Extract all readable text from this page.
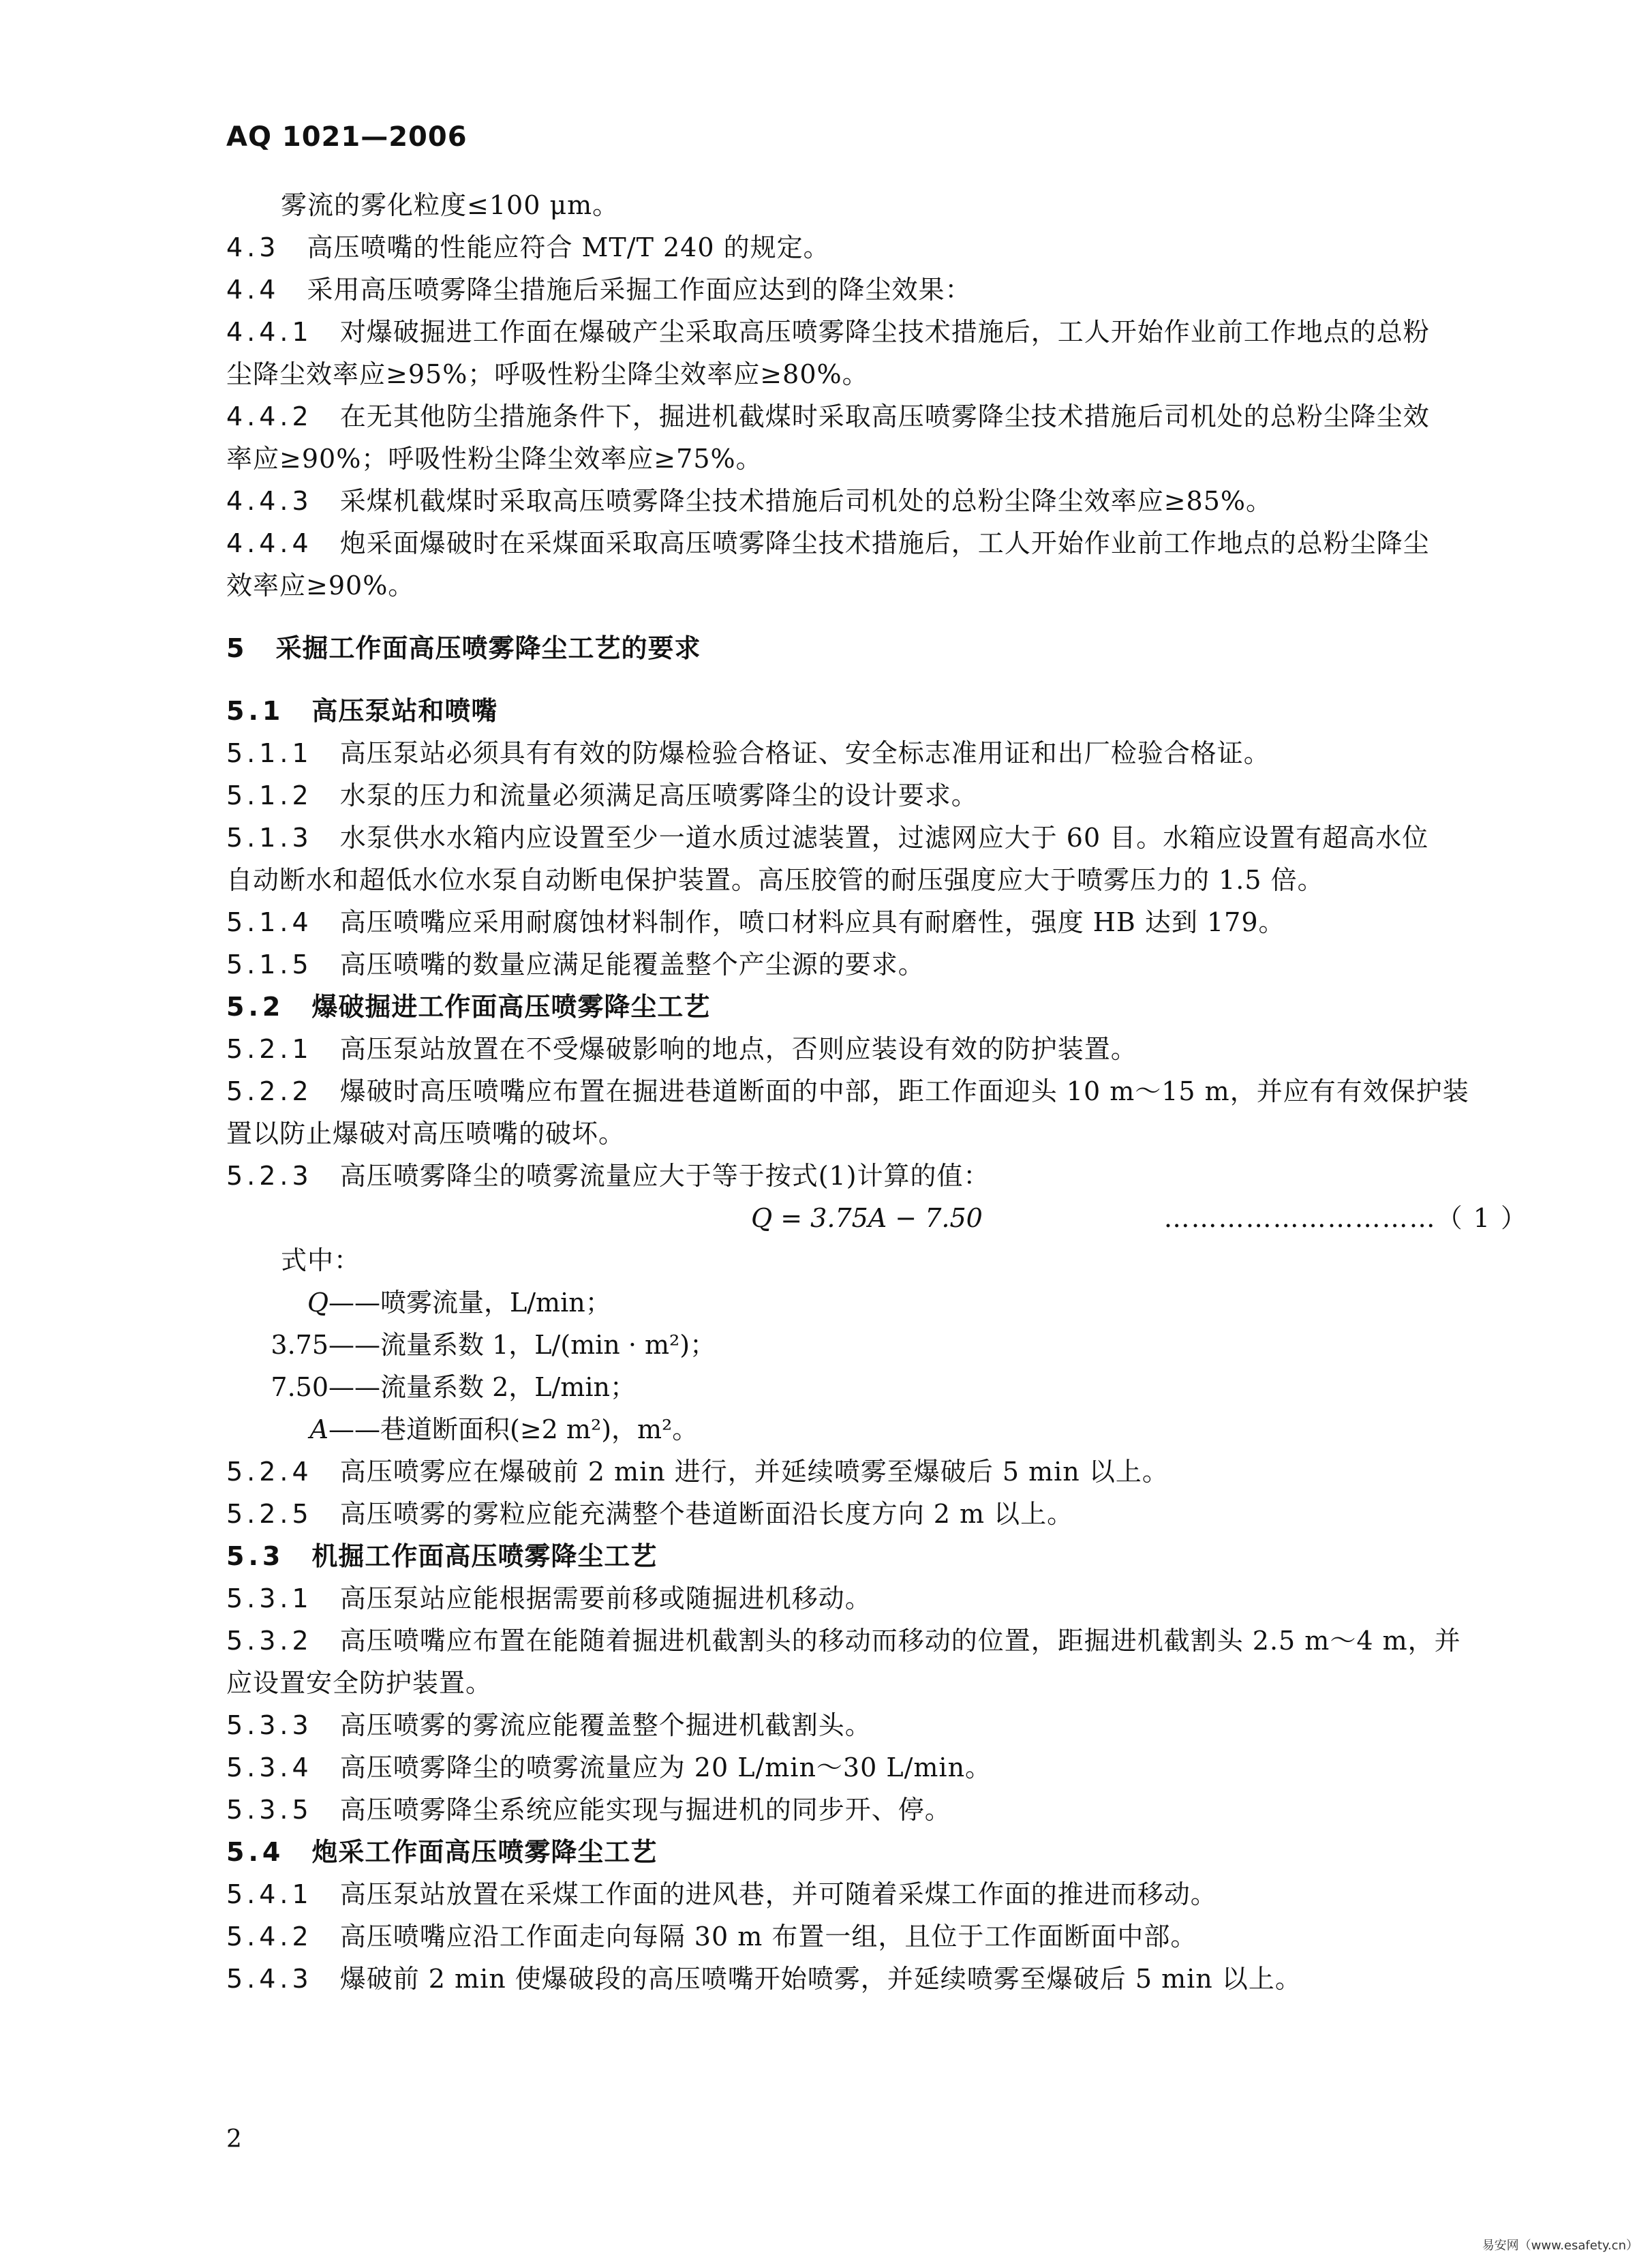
AQ 1021—2006
雾流的雾化粒度≤100 μm。
4.3 高压喷嘴的性能应符合 MT/T 240 的规定。
4.4 采用高压喷雾降尘措施后采掘工作面应达到的降尘效果：
4.4.1 对爆破掘进工作面在爆破产尘采取高压喷雾降尘技术措施后，工人开始作业前工作地点的总粉
尘降尘效率应≥95%；呼吸性粉尘降尘效率应≥80%。
4.4.2 在无其他防尘措施条件下，掘进机截煤时采取高压喷雾降尘技术措施后司机处的总粉尘降尘效
率应≥90%；呼吸性粉尘降尘效率应≥75%。
4.4.3 采煤机截煤时采取高压喷雾降尘技术措施后司机处的总粉尘降尘效率应≥85%。
4.4.4 炮采面爆破时在采煤面采取高压喷雾降尘技术措施后，工人开始作业前工作地点的总粉尘降尘
效率应≥90%。
5 采掘工作面高压喷雾降尘工艺的要求
5.1 高压泵站和喷嘴
5.1.1 高压泵站必须具有有效的防爆检验合格证、安全标志准用证和出厂检验合格证。
5.1.2 水泵的压力和流量必须满足高压喷雾降尘的设计要求。
5.1.3 水泵供水水箱内应设置至少一道水质过滤装置，过滤网应大于 60 目。水箱应设置有超高水位
自动断水和超低水位水泵自动断电保护装置。高压胶管的耐压强度应大于喷雾压力的 1.5 倍。
5.1.4 高压喷嘴应采用耐腐蚀材料制作，喷口材料应具有耐磨性，强度 HB 达到 179。
5.1.5 高压喷嘴的数量应满足能覆盖整个产尘源的要求。
5.2 爆破掘进工作面高压喷雾降尘工艺
5.2.1 高压泵站放置在不受爆破影响的地点，否则应装设有效的防护装置。
5.2.2 爆破时高压喷嘴应布置在掘进巷道断面的中部，距工作面迎头 10 m～15 m，并应有有效保护装
置以防止爆破对高压喷嘴的破坏。
5.2.3 高压喷雾降尘的喷雾流量应大于等于按式(1)计算的值：
Q = 3.75A − 7.50	…………………………（ 1 ）
式中：
Q——喷雾流量，L/min；
3.75——流量系数 1，L/(min · m²)；
7.50——流量系数 2，L/min；
A——巷道断面积(≥2 m²)，m²。
5.2.4 高压喷雾应在爆破前 2 min 进行，并延续喷雾至爆破后 5 min 以上。
5.2.5 高压喷雾的雾粒应能充满整个巷道断面沿长度方向 2 m 以上。
5.3 机掘工作面高压喷雾降尘工艺
5.3.1 高压泵站应能根据需要前移或随掘进机移动。
5.3.2 高压喷嘴应布置在能随着掘进机截割头的移动而移动的位置，距掘进机截割头 2.5 m～4 m，并
应设置安全防护装置。
5.3.3 高压喷雾的雾流应能覆盖整个掘进机截割头。
5.3.4 高压喷雾降尘的喷雾流量应为 20 L/min～30 L/min。
5.3.5 高压喷雾降尘系统应能实现与掘进机的同步开、停。
5.4 炮采工作面高压喷雾降尘工艺
5.4.1 高压泵站放置在采煤工作面的进风巷，并可随着采煤工作面的推进而移动。
5.4.2 高压喷嘴应沿工作面走向每隔 30 m 布置一组，且位于工作面断面中部。
5.4.3 爆破前 2 min 使爆破段的高压喷嘴开始喷雾，并延续喷雾至爆破后 5 min 以上。
2
易安网（www.esafety.cn）
